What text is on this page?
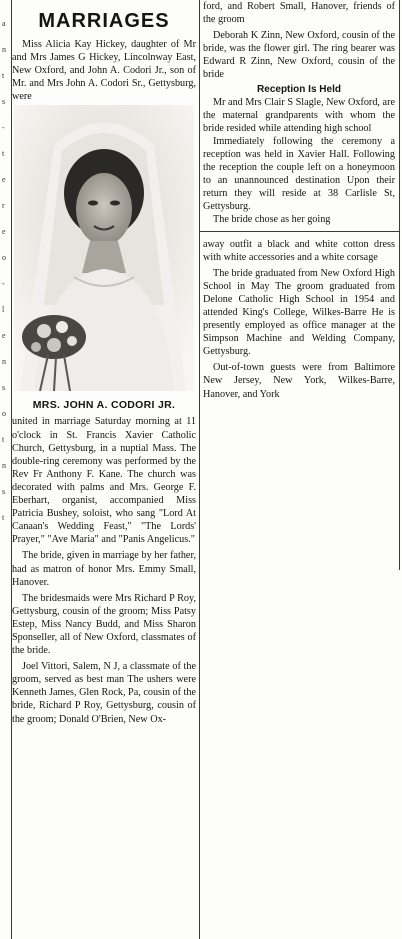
a
n
t
s
-
t
e
r
e
o
-
l
e
n
s
o
t
n
s
t
MARRIAGES

Miss Alicia Kay Hickey, daughter of Mr and Mrs James G Hickey, Lincolnway East, New Oxford, and John A. Codori Jr., son of Mr. and Mrs John A. Codori Sr., Gettysburg, were

MRS. JOHN A. CODORI JR.

united in marriage Saturday morning at 11 o'clock in St. Francis Xavier Catholic Church, Gettysburg, in a nuptial Mass. The double-ring ceremony was performed by the Rev Fr Anthony F. Kane. The church was decorated with palms and Mrs. George F. Eberhart, organist, accompanied Miss Patricia Bushey, soloist, who sang "Lord At Canaan's Wedding Feast," "The Lords' Prayer," "Ave Maria" and "Panis Angelicus."

The bride, given in marriage by her father, had as matron of honor Mrs. Emmy Small, Hanover.

The bridesmaids were Mrs Richard P Roy, Gettysburg, cousin of the groom; Miss Patsy Estep, Miss Nancy Budd, and Miss Sharon Sponseller, all of New Oxford, classmates of the bride.

Joel Vittori, Salem, N J, a classmate of the groom, served as best man The ushers were Kenneth James, Glen Rock, Pa, cousin of the bride, Richard P Roy, Gettysburg, cousin of the groom; Donald O'Brien, New Ox-

ford, and Robert Small, Hanover, friends of the groom

Deborah K Zinn, New Oxford, cousin of the bride, was the flower girl. The ring bearer was Edward R Zinn, New Oxford, cousin of the bride

Reception Is Held

Mr and Mrs Clair S Slagle, New Oxford, are the maternal grandparents with whom the bride resided while attending high school

Immediately following the ceremony a reception was held in Xavier Hall. Following the reception the couple left on a honeymoon to an unannounced destination Upon their return they will reside at 38 Carlisle St, Gettysburg.

The bride chose as her going

away outfit a black and white cotton dress with white accessories and a white corsage

The bride graduated from New Oxford High School in May The groom graduated from Delone Catholic High School in 1954 and attended King's College, Wilkes-Barre He is presently employed as office manager at the Simpson Machine and Welding Company, Gettysburg.

Out-of-town guests were from Baltimore New Jersey, New York, Wilkes-Barre, Hanover, and York
